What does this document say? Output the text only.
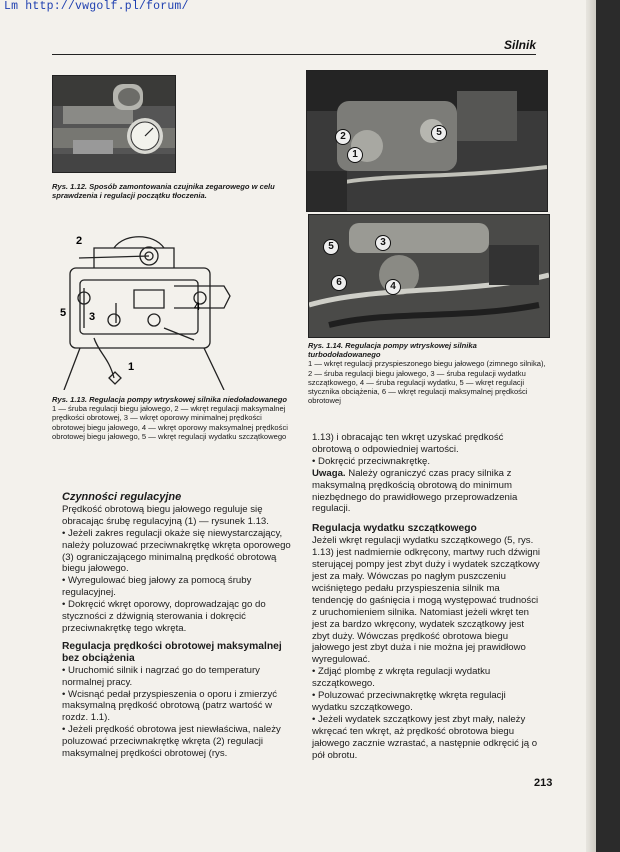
Lm http://vwgolf.pl/forum/
Silnik
Rys. 1.12. Sposób zamontowania czujnika zegarowego w celu sprawdzenia i regulacji początku tłoczenia.
2
3
4
5
1
Rys. 1.13. Regulacja pompy wtryskowej silnika niedoładowanego
1 — śruba regulacji biegu jałowego, 2 — wkręt regulacji maksymalnej prędkości obrotowej, 3 — wkręt oporowy minimalnej prędkości obrotowej biegu jałowego, 4 — wkręt oporowy maksymalnej prędkości obrotowej biegu jałowego, 5 — wkręt regulacji wydatku szczątkowego
2
1
5
5	3
6	4
Rys. 1.14. Regulacja pompy wtryskowej silnika turbodoładowanego
1 — wkręt regulacji przyspieszonego biegu jałowego (zimnego silnika), 2 — śruba regulacji biegu jałowego, 3 — śruba regulacji wydatku szczątkowego, 4 — śruba regulacji wydatku, 5 — wkręt regulacji stycznika obciążenia, 6 — wkręt regulacji maksymalnej prędkości obrotowej

Czynności regulacyjne

Prędkość obrotową biegu jałowego reguluje się obracając śrubę regulacyjną (1) — rysunek 1.13.

• Jeżeli zakres regulacji okaże się niewystarczający, należy poluzować przeciwnakrętkę wkręta oporowego (3) ograniczającego minimalną prędkość obrotową biegu jałowego.

• Wyregulować bieg jałowy za pomocą śruby regulacyjnej.

• Dokręcić wkręt oporowy, doprowadzając go do styczności z dźwignią sterowania i dokręcić przeciwnakrętkę tego wkręta.

Regulacja prędkości obrotowej maksymalnej bez obciążenia

• Uruchomić silnik i nagrzać go do temperatury normalnej pracy.

• Wcisnąć pedał przyspieszenia o oporu i zmierzyć maksymalną prędkość obrotową (patrz wartość w rozdz. 1.1).

• Jeżeli prędkość obrotowa jest niewłaściwa, należy poluzować przeciwnakrętkę wkręta (2) regulacji maksymalnej prędkości obrotowej (rys.

1.13) i obracając ten wkręt uzyskać prędkość obrotową o odpowiedniej wartości.

• Dokręcić przeciwnakrętkę.

Uwaga. Należy ograniczyć czas pracy silnika z maksymalną prędkością obrotową do minimum niezbędnego do prawidłowego przeprowadzenia regulacji.

Regulacja wydatku szczątkowego

Jeżeli wkręt regulacji wydatku szczątkowego (5, rys. 1.13) jest nadmiernie odkręcony, martwy ruch dźwigni sterującej pompy jest zbyt duży i wydatek szczątkowy jest za mały. Wówczas po nagłym puszczeniu wciśniętego pedału przyspieszenia silnik ma tendencję do gaśnięcia i mogą występować trudności z uruchomieniem silnika. Natomiast jeżeli wkręt ten jest za bardzo wkręcony, wydatek szczątkowy jest zbyt duży. Wówczas prędkość obrotowa biegu jałowego jest zbyt duża i nie można jej prawidłowo wyregulować.

• Zdjąć plombę z wkręta regulacji wydatku szczątkowego.

• Poluzować przeciwnakrętkę wkręta regulacji wydatku szczątkowego.

• Jeżeli wydatek szczątkowy jest zbyt mały, należy wkręcać ten wkręt, aż prędkość obrotowa biegu jałowego zacznie wzrastać, a następnie odkręcić ją o pół obrotu.

213
